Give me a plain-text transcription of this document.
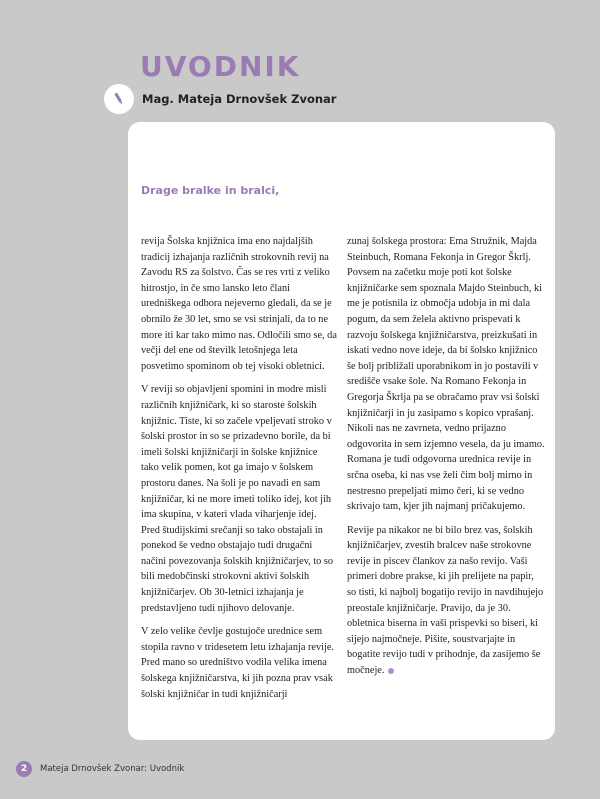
UVODNIK
Mag. Mateja Drnovšek Zvonar
Drage bralke in bralci,

revija Šolska knjižnica ima eno najdaljših tradicij izhajanja različnih strokovnih revij na Zavodu RS za šolstvo. Čas se res vrti z veliko hitrostjo, in če smo lansko leto člani uredniškega odbora nejeverno gledali, da se je obrnilo že 30 let, smo se vsi strinjali, da to ne more iti kar tako mimo nas. Odločili smo se, da večji del ene od številk letošnjega leta posvetimo spominom ob tej visoki obletnici.

V reviji so objavljeni spomini in modre misli različnih knjižničark, ki so staroste šolskih knjižnic. Tiste, ki so začele vpeljevati stroko v šolski prostor in so se prizadevno borile, da bi imeli šolski knjižničarji in šolske knjižnice tako velik pomen, kot ga imajo v šolskem prostoru danes. Na šoli je po navadi en sam knjižničar, ki ne more imeti toliko idej, kot jih ima skupina, v kateri vlada viharjenje idej. Pred študijskimi srečanji so tako obstajali in ponekod še vedno obstajajo tudi drugačni načini povezovanja šolskih knjižničarjev, to so bili medobčinski strokovni aktivi šolskih knjižničarjev. Ob 30-letnici izhajanja je predstavljeno tudi njihovo delovanje.

V zelo velike čevlje gostujoče urednice sem stopila ravno v tridesetem letu izhajanja revije. Pred mano so uredništvo vodila velika imena šolskega knjižničarstva, ki jih pozna prav vsak šolski knjižničar in tudi knjižničarji

zunaj šolskega prostora: Ema Stružnik, Majda Steinbuch, Romana Fekonja in Gregor Škrlj. Povsem na začetku moje poti kot šolske knjižničarke sem spoznala Majdo Steinbuch, ki me je potisnila iz območja udobja in mi dala pogum, da sem želela aktivno prispevati k razvoju šolskega knjižničarstva, preizkušati in iskati vedno nove ideje, da bi šolsko knjižnico še bolj približali uporabnikom in jo postavili v središče vsake šole. Na Romano Fekonja in Gregorja Škrlja pa se obračamo prav vsi šolski knjižničarji in ju zasipamo s kopico vprašanj. Nikoli nas ne zavrneta, vedno prijazno odgovorita in sem izjemno vesela, da ju imamo. Romana je tudi odgovorna urednica revije in srčna oseba, ki nas vse želi čim bolj mirno in nestresno prepeljati mimo čeri, ki se vedno skrivajo tam, kjer jih najmanj pričakujemo.

Revije pa nikakor ne bi bilo brez vas, šolskih knjižničarjev, zvestih bralcev naše strokovne revije in piscev člankov za našo revijo. Vaši primeri dobre prakse, ki jih prelijete na papir, so tisti, ki najbolj bogatijo revijo in navdihujejo preostale knjižničarje. Pravijo, da je 30. obletnica biserna in vaši prispevki so biseri, ki sijejo najmočneje. Pišite, soustvarjajte in bogatite revijo tudi v prihodnje, da zasijemo še močneje.

2	Mateja Drnovšek Zvonar: Uvodnik
